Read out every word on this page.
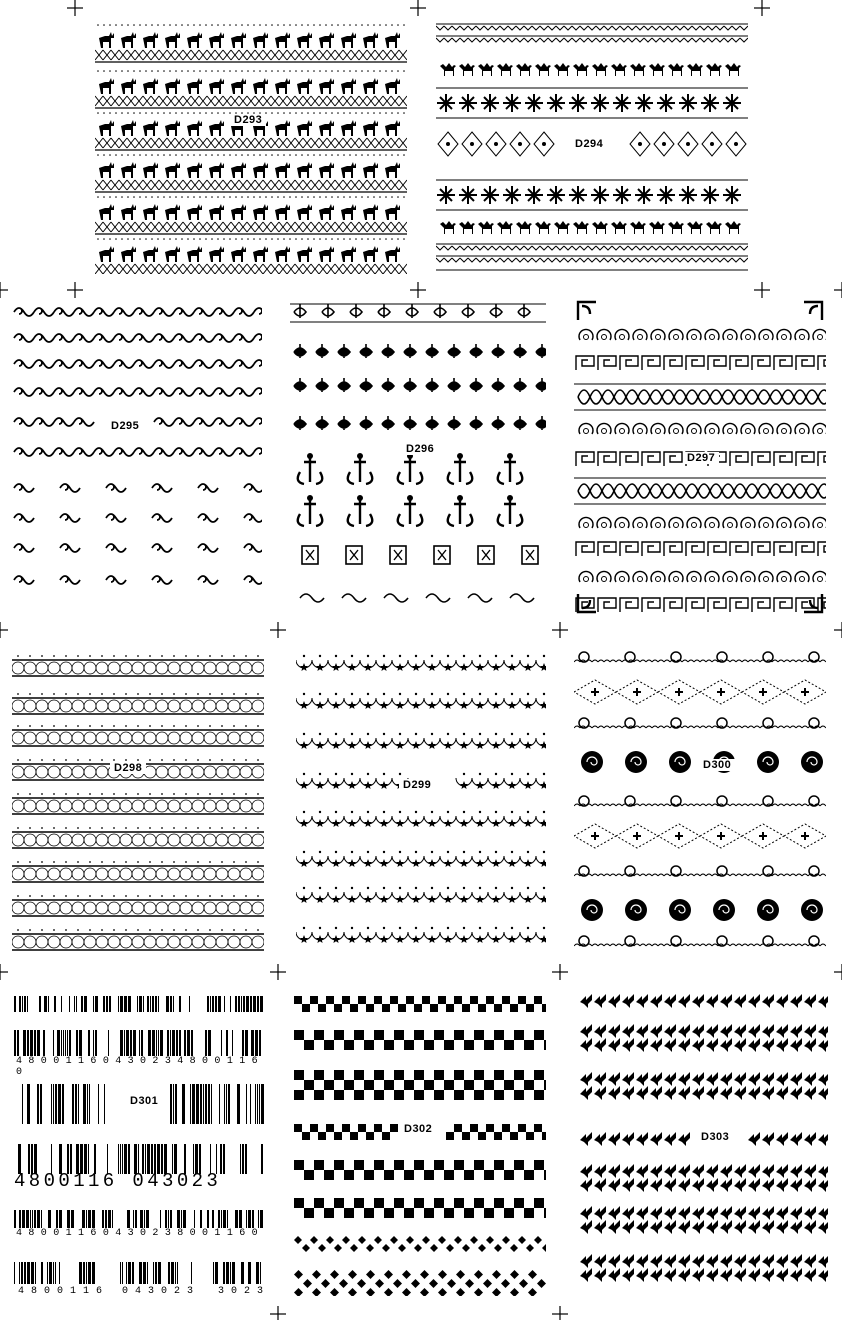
D293
D294
D295
D296
D297
D298
D299
D300
D301
4 8 0 0 1 1 6 0 4 3 0 2 3 4 8 0 0 1 1 6 0
4800116 043023
4 8 0 0 1 1 6 0 4 3 0 2 3 8 0 0 1 1 6 0
4 8 0 0 1 1 6 0 4 3 0 2 3 3 0 2 3
D302
D303
